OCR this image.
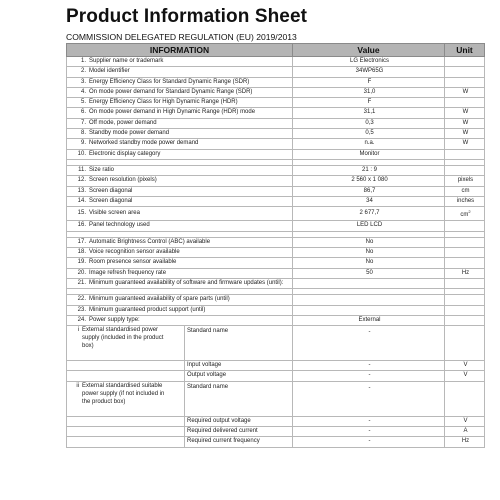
Product Information Sheet
COMMISSION DELEGATED REGULATION (EU) 2019/2013
INFORMATION	Value	Unit
1. Supplier name or trademark	LG Electronics	
2. Model identifier	34WP65G	
3. Energy Efficiency Class for Standard Dynamic Range (SDR)	F	
4. On mode power demand for Standard Dynamic Range (SDR)	31,0	W
5. Energy Efficiency Class for High Dynamic Range (HDR)	F	
6. On mode power demand in High Dynamic Range (HDR) mode	31,1	W
7. Off mode, power demand	0,3	W
8. Standby mode power demand	0,5	W
9. Networked standby mode power demand	n.a.	W
10. Electronic display category	Monitor	

11. Size ratio	21 : 9	
12. Screen resolution (pixels)	2 560 x 1 080	pixels
13. Screen diagonal	86,7	cm
14. Screen diagonal	34	inches
15. Visible screen area	2 677,7	$cm^2$
16. Panel technology used	LED LCD	

17. Automatic Brightness Control (ABC) available	No	
18. Voice recognition sensor available	No	
19. Room presence sensor available	No	
20. Image refresh frequency rate	50	Hz
21. Minimum guaranteed availability of software and firmware updates (until):		

22. Minimum guaranteed availability of spare parts (until)		
23. Minimum guaranteed product support (until)		
24. Power supply type:	External	

i External standardised power supply (included in the product box)
Standard name	-	

Input voltage	-	V

Output voltage	-	V

ii External standardised suitable power supply (if not included in the product box)
Standard name	-	

Required output voltage	-	V

Required delivered current	-	A

Required current frequency	-	Hz
